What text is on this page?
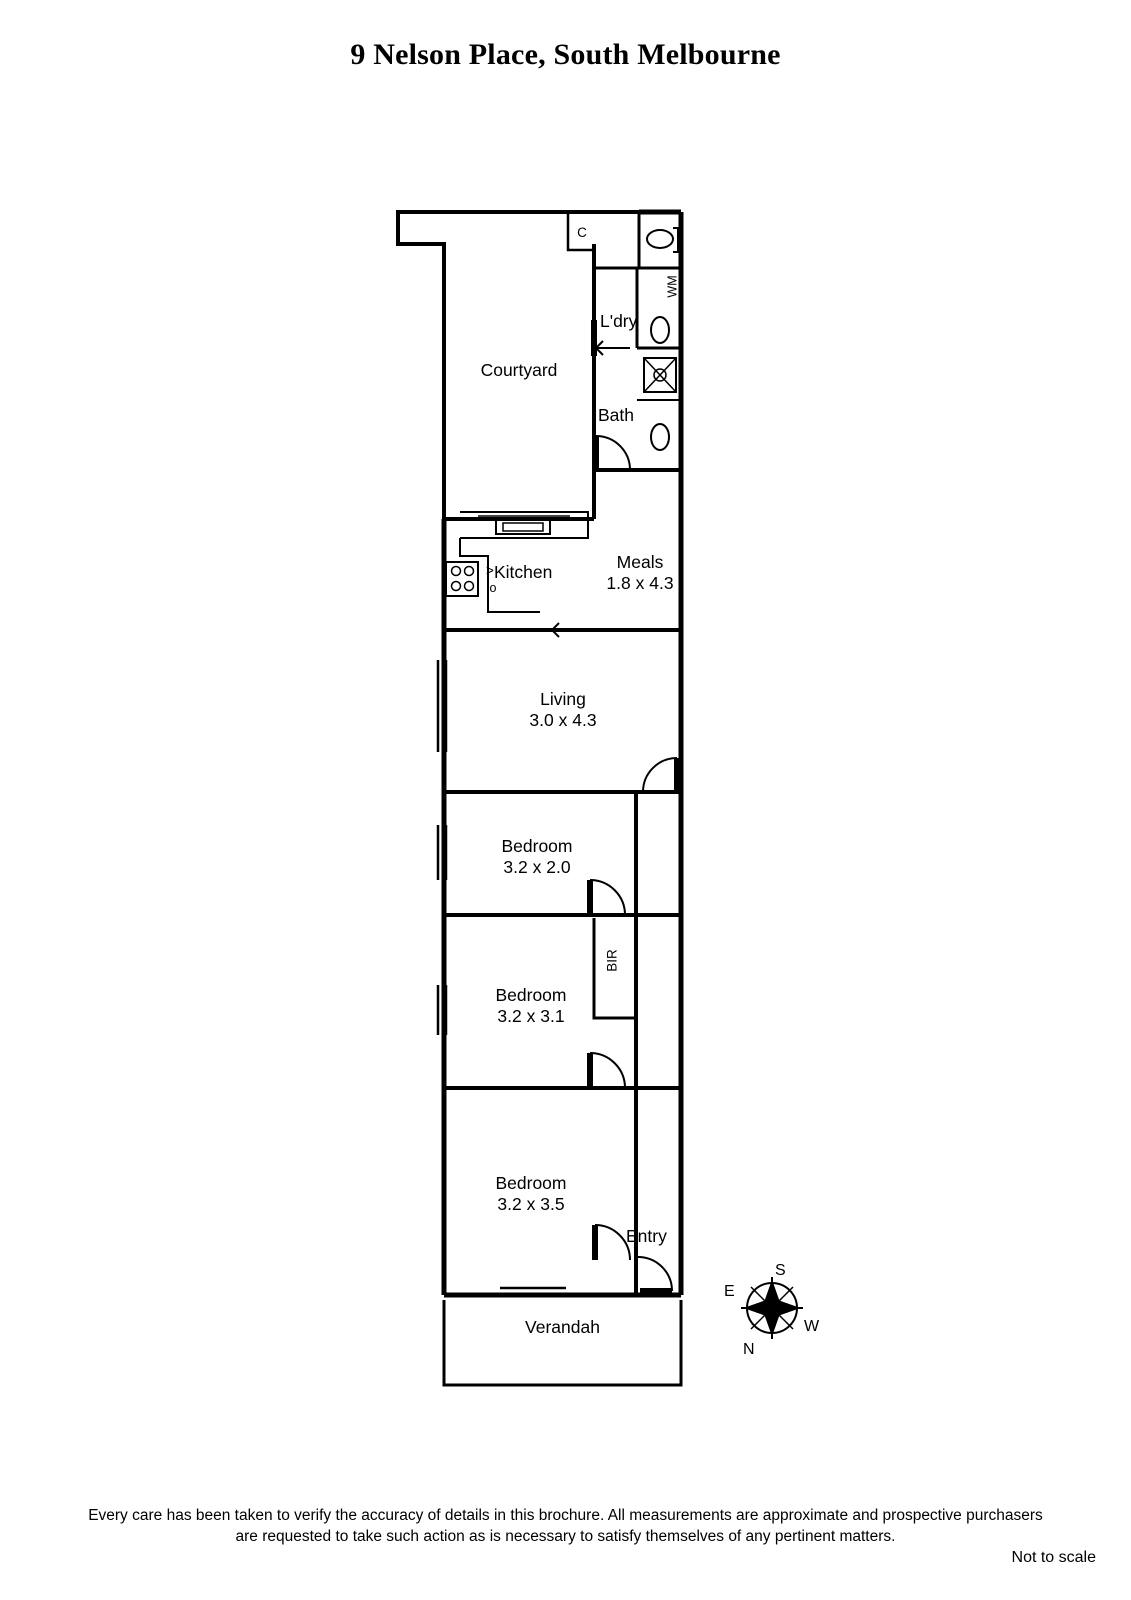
9 Nelson Place, South Melbourne
Courtyard
L'dry
Bath
Kitchen	Meals
1.8 x 4.3
Living
3.0 x 4.3
Bedroom
3.2 x 2.0
Bedroom
3.2 x 3.1
Bedroom
3.2 x 3.5
Entry
Verandah
C
WM
BIR
>
o
S
N
E
W
Every care has been taken to verify the accuracy of details in this brochure. All measurements are approximate and prospective purchasers
are requested to take such action as is necessary to satisfy themselves of any pertinent matters.
Not to scale
